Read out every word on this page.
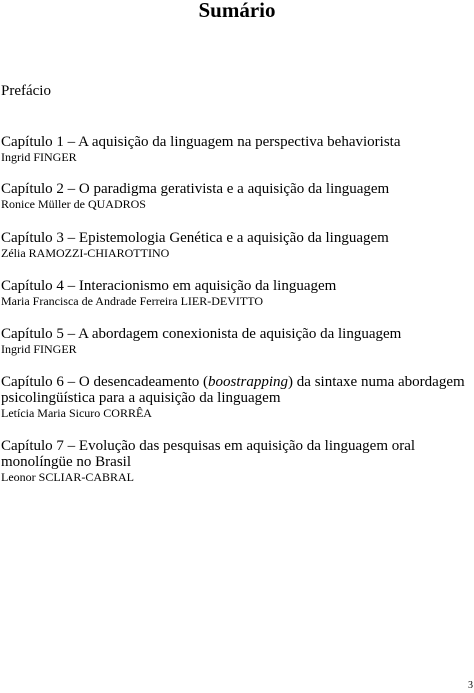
Sumário
Prefácio
Capítulo 1 – A aquisição da linguagem na perspectiva behaviorista
Ingrid FINGER
Capítulo 2 – O paradigma gerativista e a aquisição da linguagem
Ronice Müller de QUADROS
Capítulo 3 – Epistemologia Genética e a aquisição da linguagem
Zélia RAMOZZI-CHIAROTTINO
Capítulo 4 – Interacionismo em aquisição da linguagem
Maria Francisca de Andrade Ferreira LIER-DEVITTO
Capítulo 5 – A abordagem conexionista de aquisição da linguagem
Ingrid FINGER
Capítulo 6 – O desencadeamento (boostrapping) da sintaxe numa abordagem psicolingüística para a aquisição da linguagem
Letícia Maria Sicuro CORRÊA
Capítulo 7 – Evolução das pesquisas em aquisição da linguagem oral monolíngüe no Brasil
Leonor SCLIAR-CABRAL
3
